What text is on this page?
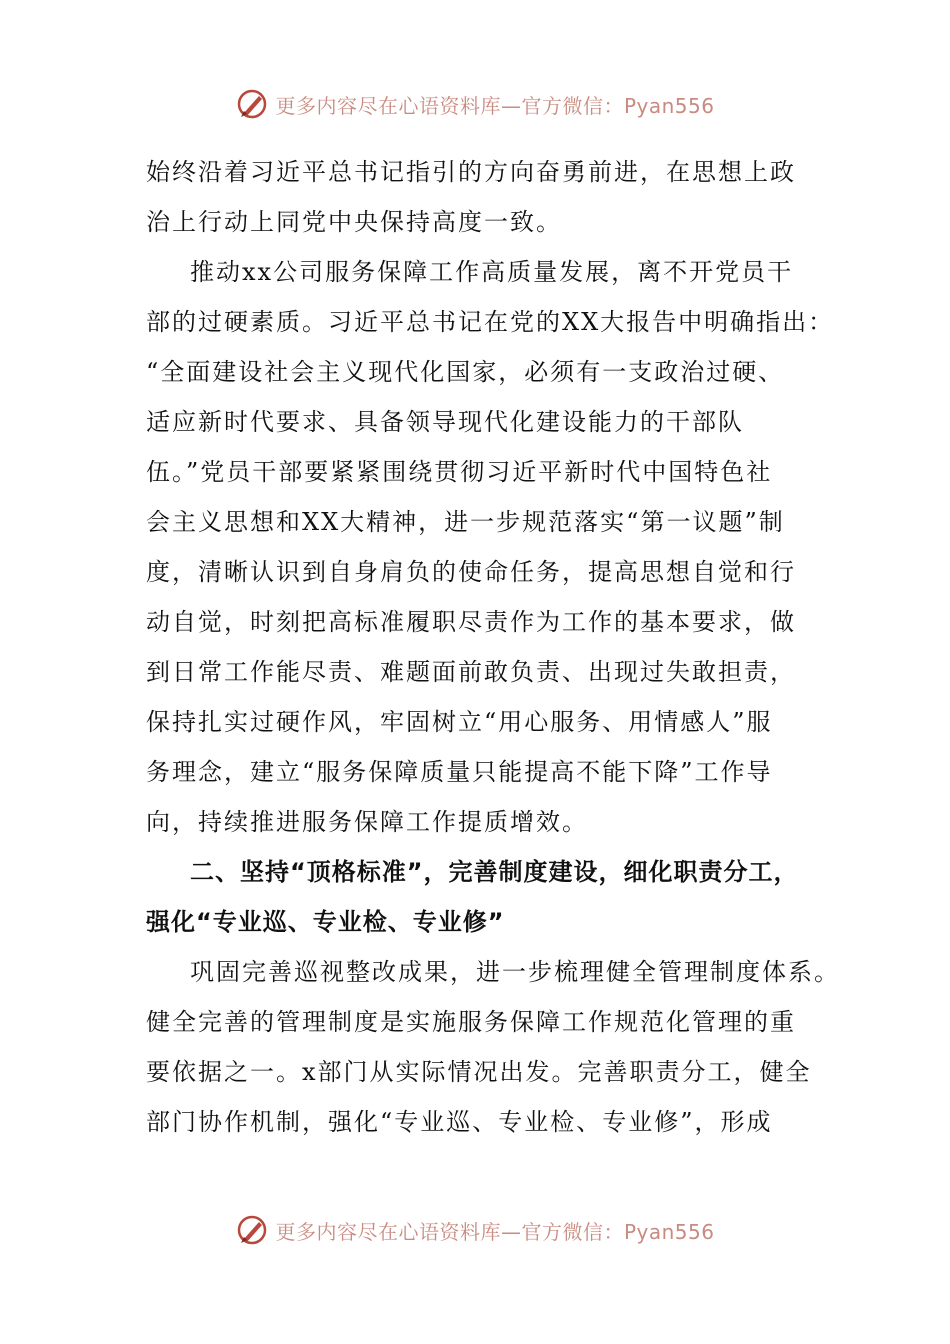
更多内容尽在心语资料库—官方微信：Pyan556

始终沿着习近平总书记指引的方向奋勇前进，在思想上政
治上行动上同党中央保持高度一致。

推动xx公司服务保障工作高质量发展，离不开党员干
部的过硬素质。习近平总书记在党的XX大报告中明确指出：
“全面建设社会主义现代化国家，必须有一支政治过硬、
适应新时代要求、具备领导现代化建设能力的干部队
伍。”党员干部要紧紧围绕贯彻习近平新时代中国特色社
会主义思想和XX大精神，进一步规范落实“第一议题”制
度，清晰认识到自身肩负的使命任务，提高思想自觉和行
动自觉，时刻把高标准履职尽责作为工作的基本要求，做
到日常工作能尽责、难题面前敢负责、出现过失敢担责，
保持扎实过硬作风，牢固树立“用心服务、用情感人”服
务理念，建立“服务保障质量只能提高不能下降”工作导
向，持续推进服务保障工作提质增效。

二、坚持“顶格标准”，完善制度建设，细化职责分工，
强化“专业巡、专业检、专业修”

巩固完善巡视整改成果，进一步梳理健全管理制度体系。
健全完善的管理制度是实施服务保障工作规范化管理的重
要依据之一。x部门从实际情况出发。完善职责分工，健全
部门协作机制，强化“专业巡、专业检、专业修”，形成

更多内容尽在心语资料库—官方微信：Pyan556
